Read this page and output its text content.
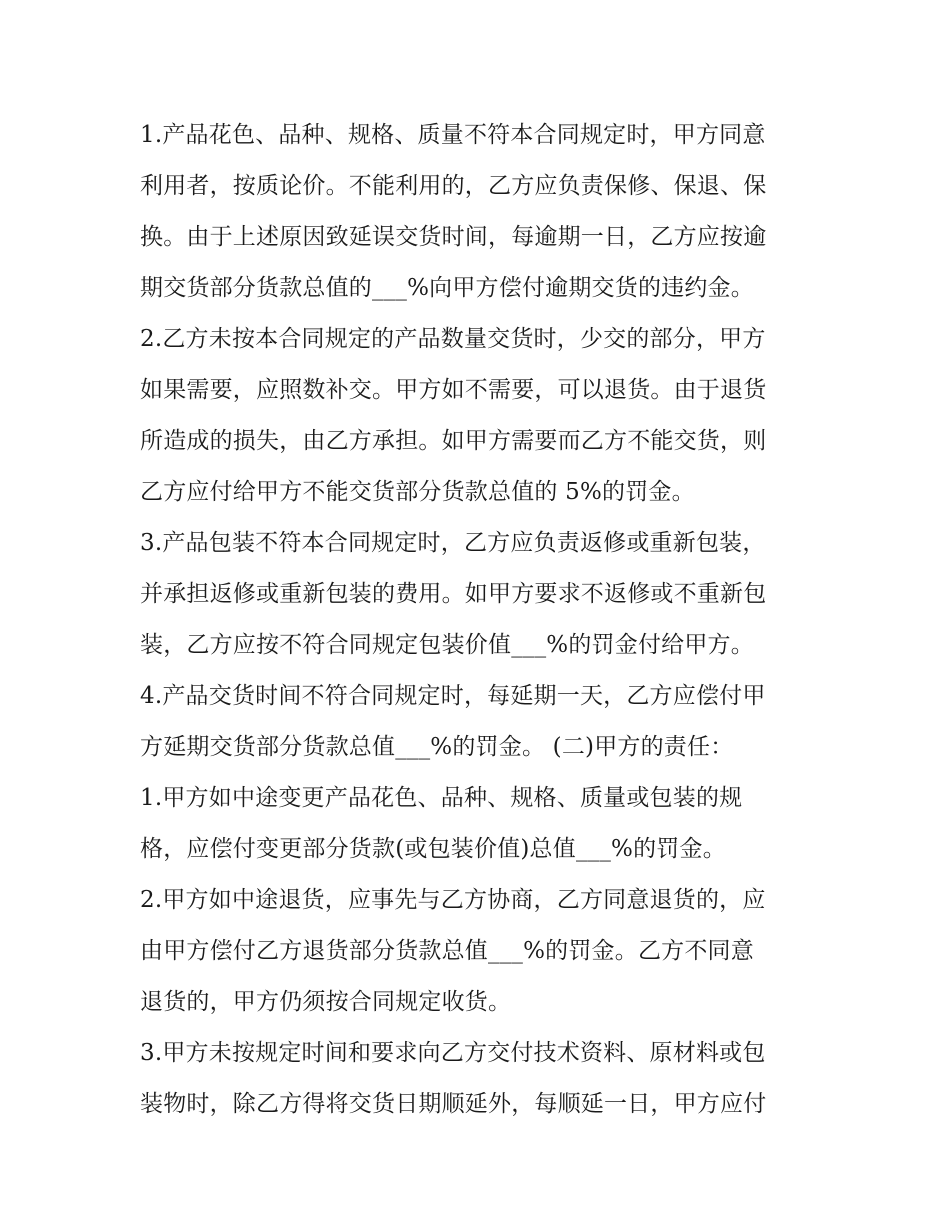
1.产品花色、品种、规格、质量不符本合同规定时，甲方同意

利用者，按质论价。不能利用的，乙方应负责保修、保退、保

换。由于上述原因致延误交货时间，每逾期一日，乙方应按逾

期交货部分货款总值的___%向甲方偿付逾期交货的违约金。

2.乙方未按本合同规定的产品数量交货时，少交的部分，甲方

如果需要，应照数补交。甲方如不需要，可以退货。由于退货

所造成的损失，由乙方承担。如甲方需要而乙方不能交货，则

乙方应付给甲方不能交货部分货款总值的 5%的罚金。

3.产品包装不符本合同规定时，乙方应负责返修或重新包装，

并承担返修或重新包装的费用。如甲方要求不返修或不重新包

装，乙方应按不符合同规定包装价值___%的罚金付给甲方。

4.产品交货时间不符合同规定时，每延期一天，乙方应偿付甲

方延期交货部分货款总值___%的罚金。 (二)甲方的责任：

1.甲方如中途变更产品花色、品种、规格、质量或包装的规

格，应偿付变更部分货款(或包装价值)总值___%的罚金。

2.甲方如中途退货，应事先与乙方协商，乙方同意退货的，应

由甲方偿付乙方退货部分货款总值___%的罚金。乙方不同意

退货的，甲方仍须按合同规定收货。

3.甲方未按规定时间和要求向乙方交付技术资料、原材料或包

装物时，除乙方得将交货日期顺延外，每顺延一日，甲方应付
